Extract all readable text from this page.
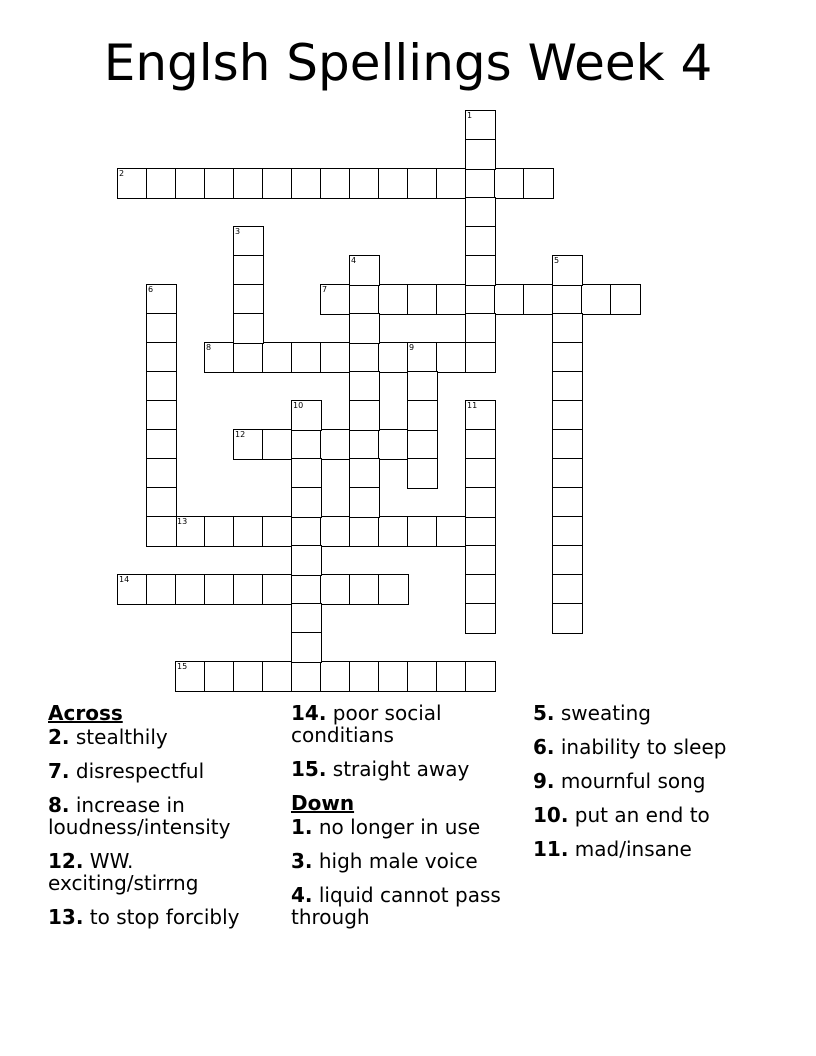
Englsh Spellings Week 4
2
7
8	9
12
13
14
15
1
3
4	5
6
10	11
Across
2. stealthily
7. disrespectful
8. increase in loudness/intensity
12. WW. exciting/stirrng
13. to stop forcibly
14. poor social conditians
15. straight away
Down
1. no longer in use
3. high male voice
4. liquid cannot pass through
5. sweating
6. inability to sleep
9. mournful song
10. put an end to
11. mad/insane
